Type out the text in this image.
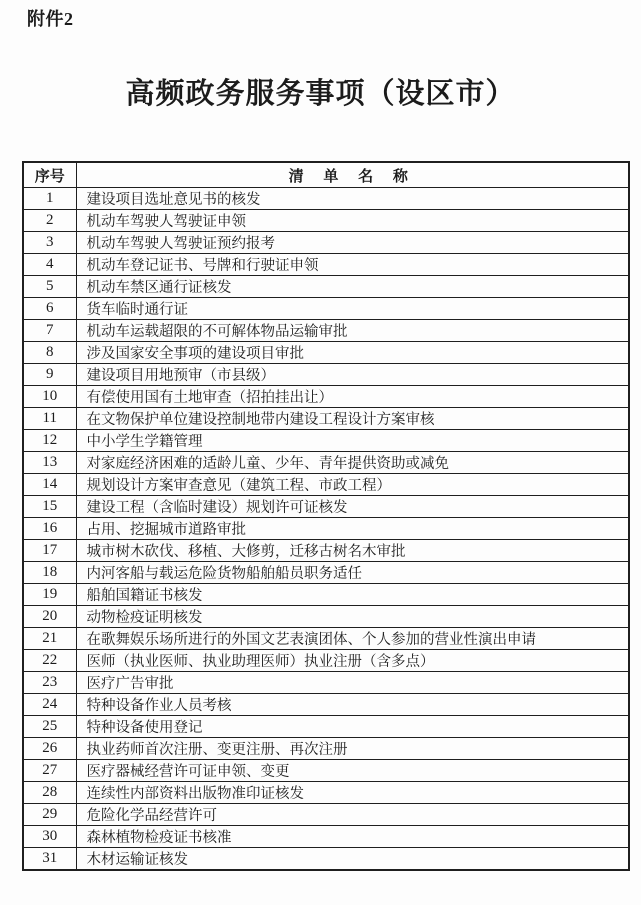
附件2
高频政务服务事项（设区市）
序号	清 单 名 称
1	建设项目选址意见书的核发
2	机动车驾驶人驾驶证申领
3	机动车驾驶人驾驶证预约报考
4	机动车登记证书、号牌和行驶证申领
5	机动车禁区通行证核发
6	货车临时通行证
7	机动车运载超限的不可解体物品运输审批
8	涉及国家安全事项的建设项目审批
9	建设项目用地预审（市县级）
10	有偿使用国有土地审查（招拍挂出让）
11	在文物保护单位建设控制地带内建设工程设计方案审核
12	中小学生学籍管理
13	对家庭经济困难的适龄儿童、少年、青年提供资助或减免
14	规划设计方案审查意见（建筑工程、市政工程）
15	建设工程（含临时建设）规划许可证核发
16	占用、挖掘城市道路审批
17	城市树木砍伐、移植、大修剪，迁移古树名木审批
18	内河客船与载运危险货物船舶船员职务适任
19	船舶国籍证书核发
20	动物检疫证明核发
21	在歌舞娱乐场所进行的外国文艺表演团体、个人参加的营业性演出申请
22	医师（执业医师、执业助理医师）执业注册（含多点）
23	医疗广告审批
24	特种设备作业人员考核
25	特种设备使用登记
26	执业药师首次注册、变更注册、再次注册
27	医疗器械经营许可证申领、变更
28	连续性内部资料出版物准印证核发
29	危险化学品经营许可
30	森林植物检疫证书核准
31	木材运输证核发
